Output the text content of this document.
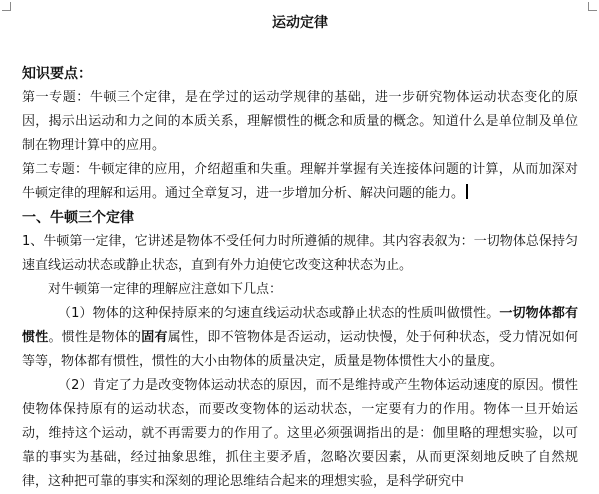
运动定律

知识要点：

第一专题：牛顿三个定律，是在学过的运动学规律的基础，进一步研究物体运动状态变化的原因，揭示出运动和力之间的本质关系，理解惯性的概念和质量的概念。知道什么是单位制及单位制在物理计算中的应用。

第二专题：牛顿定律的应用，介绍超重和失重。理解并掌握有关连接体问题的计算，从而加深对牛顿定律的理解和运用。通过全章复习，进一步增加分析、解决问题的能力。

一、牛顿三个定律

1、牛顿第一定律，它讲述是物体不受任何力时所遵循的规律。其内容表叙为：一切物体总保持匀速直线运动状态或静止状态，直到有外力迫使它改变这种状态为止。

对牛顿第一定律的理解应注意如下几点：

（1）物体的这种保持原来的匀速直线运动状态或静止状态的性质叫做惯性。一切物体都有惯性。惯性是物体的固有属性，即不管物体是否运动，运动快慢，处于何种状态，受力情况如何等等，物体都有惯性，惯性的大小由物体的质量决定，质量是物体惯性大小的量度。

（2）肯定了力是改变物体运动状态的原因，而不是维持或产生物体运动速度的原因。惯性使物体保持原有的运动状态，而要改变物体的运动状态，一定要有力的作用。物体一旦开始运动，维持这个运动，就不再需要力的作用了。这里必须强调指出的是：伽里略的理想实验，以可靠的事实为基础，经过抽象思维，抓住主要矛盾，忽略次要因素，从而更深刻地反映了自然规律，这种把可靠的事实和深刻的理论思维结合起来的理想实验，是科学研究中
